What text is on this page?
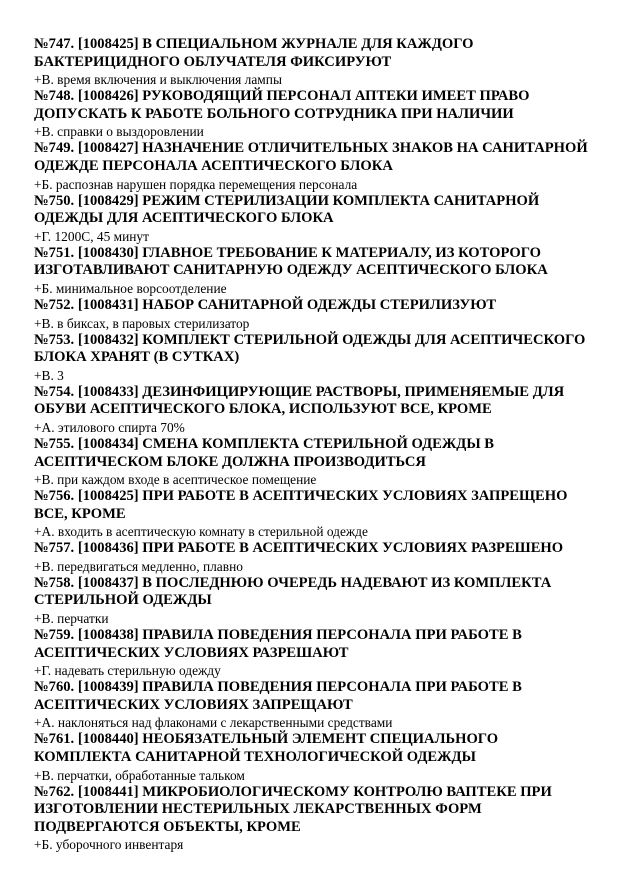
№747. [1008425] В СПЕЦИАЛЬНОМ ЖУРНАЛЕ ДЛЯ КАЖДОГО БАКТЕРИЦИДНОГО ОБЛУЧАТЕЛЯ ФИКСИРУЮТ
+В. время включения и выключения лампы
№748. [1008426] РУКОВОДЯЩИЙ ПЕРСОНАЛ АПТЕКИ ИМЕЕТ ПРАВО ДОПУСКАТЬ К РАБОТЕ БОЛЬНОГО СОТРУДНИКА ПРИ НАЛИЧИИ
+В. справки о выздоровлении
№749. [1008427] НАЗНАЧЕНИЕ ОТЛИЧИТЕЛЬНЫХ ЗНАКОВ НА САНИТАРНОЙ ОДЕЖДЕ ПЕРСОНАЛА АСЕПТИЧЕСКОГО БЛОКА
+Б. распознав нарушен порядка перемещения персонала
№750. [1008429] РЕЖИМ СТЕРИЛИЗАЦИИ КОМПЛЕКТА САНИТАРНОЙ ОДЕЖДЫ ДЛЯ АСЕПТИЧЕСКОГО БЛОКА
+Г. 1200С, 45 минут
№751. [1008430] ГЛАВНОЕ ТРЕБОВАНИЕ К МАТЕРИАЛУ, ИЗ КОТОРОГО ИЗГОТАВЛИВАЮТ САНИТАРНУЮ ОДЕЖДУ АСЕПТИЧЕСКОГО БЛОКА
+Б. минимальное ворсоотделение
№752. [1008431] НАБОР САНИТАРНОЙ ОДЕЖДЫ СТЕРИЛИЗУЮТ
+В. в биксах, в паровых стерилизатор
№753. [1008432] КОМПЛЕКТ СТЕРИЛЬНОЙ ОДЕЖДЫ ДЛЯ АСЕПТИЧЕСКОГО БЛОКА ХРАНЯТ (В СУТКАХ)
+В. 3
№754. [1008433] ДЕЗИНФИЦИРУЮЩИЕ РАСТВОРЫ, ПРИМЕНЯЕМЫЕ ДЛЯ ОБУВИ АСЕПТИЧЕСКОГО БЛОКА, ИСПОЛЬЗУЮТ ВСЕ, КРОМЕ
+А. этилового спирта 70%
№755. [1008434] СМЕНА КОМПЛЕКТА СТЕРИЛЬНОЙ ОДЕЖДЫ В АСЕПТИЧЕСКОМ БЛОКЕ ДОЛЖНА ПРОИЗВОДИТЬСЯ
+В. при каждом входе в асептическое помещение
№756. [1008425] ПРИ РАБОТЕ В АСЕПТИЧЕСКИХ УСЛОВИЯХ ЗАПРЕЩЕНО ВСЕ, КРОМЕ
+А. входить в асептическую комнату в стерильной одежде
№757. [1008436] ПРИ РАБОТЕ В АСЕПТИЧЕСКИХ УСЛОВИЯХ РАЗРЕШЕНО
+В. передвигаться медленно, плавно
№758. [1008437] В ПОСЛЕДНЮЮ ОЧЕРЕДЬ НАДЕВАЮТ ИЗ КОМПЛЕКТА СТЕРИЛЬНОЙ ОДЕЖДЫ
+В. перчатки
№759. [1008438] ПРАВИЛА ПОВЕДЕНИЯ ПЕРСОНАЛА ПРИ РАБОТЕ В АСЕПТИЧЕСКИХ УСЛОВИЯХ РАЗРЕШАЮТ
+Г. надевать стерильную одежду
№760. [1008439] ПРАВИЛА ПОВЕДЕНИЯ ПЕРСОНАЛА ПРИ РАБОТЕ В АСЕПТИЧЕСКИХ УСЛОВИЯХ ЗАПРЕЩАЮТ
+А. наклоняться над флаконами с лекарственными средствами
№761. [1008440] НЕОБЯЗАТЕЛЬНЫЙ ЭЛЕМЕНТ СПЕЦИАЛЬНОГО КОМПЛЕКТА САНИТАРНОЙ ТЕХНОЛОГИЧЕСКОЙ ОДЕЖДЫ
+В. перчатки, обработанные тальком
№762. [1008441] МИКРОБИОЛОГИЧЕСКОМУ КОНТРОЛЮ ВАПТЕКЕ ПРИ ИЗГОТОВЛЕНИИ НЕСТЕРИЛЬНЫХ ЛЕКАРСТВЕННЫХ ФОРМ ПОДВЕРГАЮТСЯ ОБЪЕКТЫ, КРОМЕ
+Б. уборочного инвентаря
